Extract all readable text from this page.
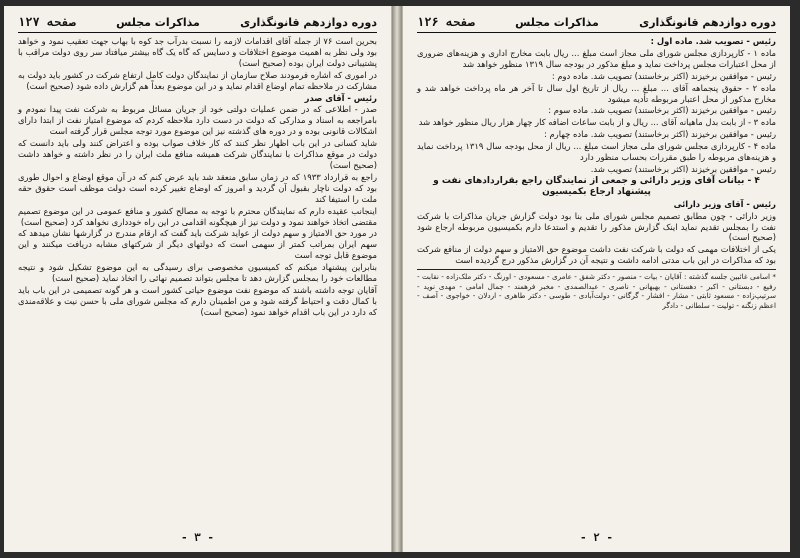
دوره دوازدهم قانونگذاری
مذاکرات مجلس
صفحه ۱۲۷

بحرین است ۷۶ از جمله آقای اقدامات لازمه را نسبت بدرآب جد کوه با بهاب جهت تعقیب نمود و خواهد بود ولی نظر به اهمیت موضوع اختلافات و دسایس که گاه یک گاه بیشتر میافتاد سر روی دولت مراقب با پشتیبانی دولت ایران بوده (صحیح است)

در اموری که اشاره فرمودند صلاح سازمان از نمایندگان دولت کامل ارتفاع شرکت در کشور باید دولت به مشارکت در ملاحظه تمام اوضاع اقدام نماید و در این موضوع بعداً هم گزارش داده شود (صحیح است)

رئیس - آقای صدر

صدر - اطلاعی که در ضمن عملیات دولتی خود از جریان مسائل مربوط به شرکت نفت پیدا نمودم و بامراجعه به اسناد و مدارکی که دولت در دست دارد ملاحظه کردم که موضوع امتیاز نفت از ابتدا دارای اشکالات قانونی بوده و در دوره های گذشته نیز این موضوع مورد توجه مجلس قرار گرفته است

شاید کسانی در این باب اظهار نظر کنند که کار خلاف صواب بوده و اعتراض کنند ولی باید دانست که دولت در موقع مذاکرات با نمایندگان شرکت همیشه منافع ملت ایران را در نظر داشته و خواهد داشت (صحیح است)

راجع به قرارداد ۱۹۳۳ که در زمان سابق منعقد شد باید عرض کنم که در آن موقع اوضاع و احوال طوری بود که دولت ناچار بقبول آن گردید و امروز که اوضاع تغییر کرده است دولت موظف است حقوق حقه ملت را استیفا کند

اینجانب عقیده دارم که نمایندگان محترم با توجه به مصالح کشور و منافع عمومی در این موضوع تصمیم مقتضی اتخاذ خواهند نمود و دولت نیز از هیچگونه اقدامی در این راه خودداری نخواهد کرد (صحیح است)

در مورد حق الامتیاز و سهم دولت از عواید شرکت باید گفت که ارقام مندرج در گزارشها نشان میدهد که سهم ایران بمراتب کمتر از سهمی است که دولتهای دیگر از شرکتهای مشابه دریافت میکنند و این موضوع قابل توجه است

بنابراین پیشنهاد میکنم که کمیسیون مخصوصی برای رسیدگی به این موضوع تشکیل شود و نتیجه مطالعات خود را بمجلس گزارش دهد تا مجلس بتواند تصمیم نهائی را اتخاذ نماید (صحیح است)

آقایان توجه داشته باشند که موضوع نفت موضوع حیاتی کشور است و هر گونه تصمیمی در این باب باید با کمال دقت و احتیاط گرفته شود و من اطمینان دارم که مجلس شورای ملی با حسن نیت و علاقه‌مندی که دارد در این باب اقدام خواهد نمود (صحیح است)

- ۳ -
دوره دوازدهم قانونگذاری
مذاکرات مجلس
صفحه ۱۲۶

رئیس - تصویب شد. ماده اول :

ماده ۱ - کارپردازی مجلس شورای ملی مجاز است مبلغ ... ریال بابت مخارج اداری و هزینه‌های ضروری از محل اعتبارات مجلس پرداخت نماید و مبلغ مذکور در بودجه سال ۱۳۱۹ منظور خواهد شد

رئیس - موافقین برخیزند (اکثر برخاستند) تصویب شد. ماده دوم :

ماده ۲ - حقوق پنجماهه آقای ... مبلغ ... ریال از تاریخ اول سال تا آخر هر ماه پرداخت خواهد شد و مخارج مذکور از محل اعتبار مربوطه تأدیه میشود

رئیس - موافقین برخیزند (اکثر برخاستند) تصویب شد. ماده سوم :

ماده ۳ - از بابت بدل ماهیانه آقای ... ریال و از بابت ساعات اضافه کار چهار هزار ریال منظور خواهد شد

رئیس - موافقین برخیزند (اکثر برخاستند) تصویب شد. ماده چهارم :

ماده ۴ - کارپردازی مجلس شورای ملی مجاز است مبلغ ... ریال از محل بودجه سال ۱۳۱۹ پرداخت نماید و هزینه‌های مربوطه را طبق مقررات بحساب منظور دارد

رئیس - موافقین برخیزند (اکثر برخاستند) تصویب شد.

۴ - بیانات آقای وزیر دارائی و جمعی از نمایندگان راجع بقراردادهای نفت و پیشنهاد ارجاع بکمیسیون

رئیس - آقای وزیر دارائی

وزیر دارائی - چون مطابق تصمیم مجلس شورای ملی بنا بود دولت گزارش جریان مذاکرات با شرکت نفت را بمجلس تقدیم نماید اینک گزارش مذکور را تقدیم و استدعا دارم بکمیسیون مربوطه ارجاع شود (صحیح است)

یکی از اختلافات مهمی که دولت با شرکت نفت داشت موضوع حق الامتیاز و سهم دولت از منافع شرکت بود که مذاکرات در این باب مدتی ادامه داشت و نتیجه آن در گزارش مذکور درج گردیده است

* اسامی غائبین جلسه گذشته : آقایان - بیات - منصور - دکتر شفق - عامری - مسعودی - اورنگ - دکتر ملک‌زاده - نقابت - رفیع - دبستانی - اکبر - دهستانی - بهبهانی - ناصری - عبدالصمدی - مخبر فرهمند - جمال امامی - مهدی نوید - سرتیپ‌زاده - مسعود ثابتی - مشار - افشار - گرگانی - دولت‌آبادی - طوسی - دکتر طاهری - اردلان - خواجوی - آصف - اعظم زنگنه - تولیت - سلطانی - دادگر
- ۲ -
